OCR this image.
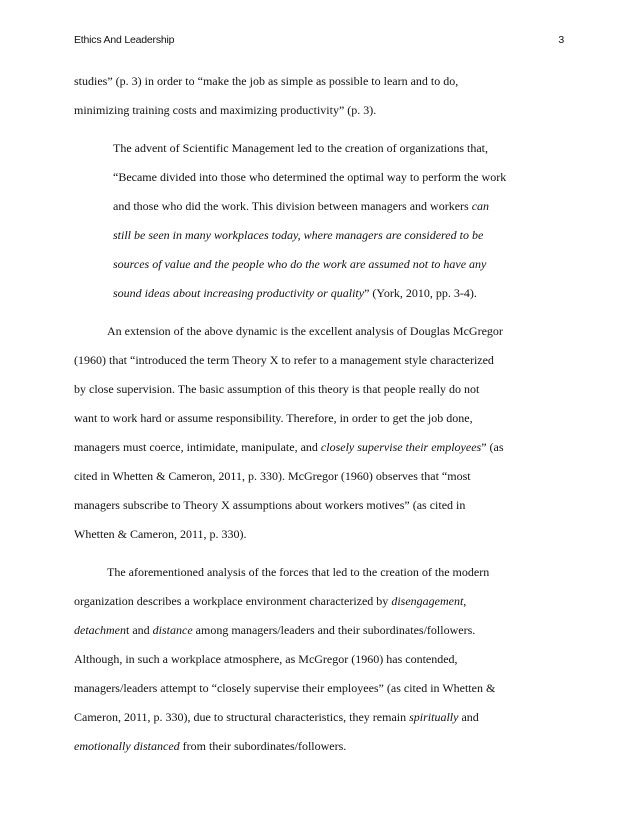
Ethics And Leadership	3
studies” (p. 3) in order to “make the job as simple as possible to learn and to do,
minimizing training costs and maximizing productivity” (p. 3).
The advent of Scientific Management led to the creation of organizations that,
“Became divided into those who determined the optimal way to perform the work
and those who did the work. This division between managers and workers can
still be seen in many workplaces today, where managers are considered to be
sources of value and the people who do the work are assumed not to have any
sound ideas about increasing productivity or quality” (York, 2010, pp. 3-4).
An extension of the above dynamic is the excellent analysis of Douglas McGregor
(1960) that “introduced the term Theory X to refer to a management style characterized
by close supervision. The basic assumption of this theory is that people really do not
want to work hard or assume responsibility. Therefore, in order to get the job done,
managers must coerce, intimidate, manipulate, and closely supervise their employees” (as
cited in Whetten & Cameron, 2011, p. 330). McGregor (1960) observes that “most
managers subscribe to Theory X assumptions about workers motives” (as cited in
Whetten & Cameron, 2011, p. 330).
The aforementioned analysis of the forces that led to the creation of the modern
organization describes a workplace environment characterized by disengagement,
detachment and distance among managers/leaders and their subordinates/followers.
Although, in such a workplace atmosphere, as McGregor (1960) has contended,
managers/leaders attempt to “closely supervise their employees” (as cited in Whetten &
Cameron, 2011, p. 330), due to structural characteristics, they remain spiritually and
emotionally distanced from their subordinates/followers.
